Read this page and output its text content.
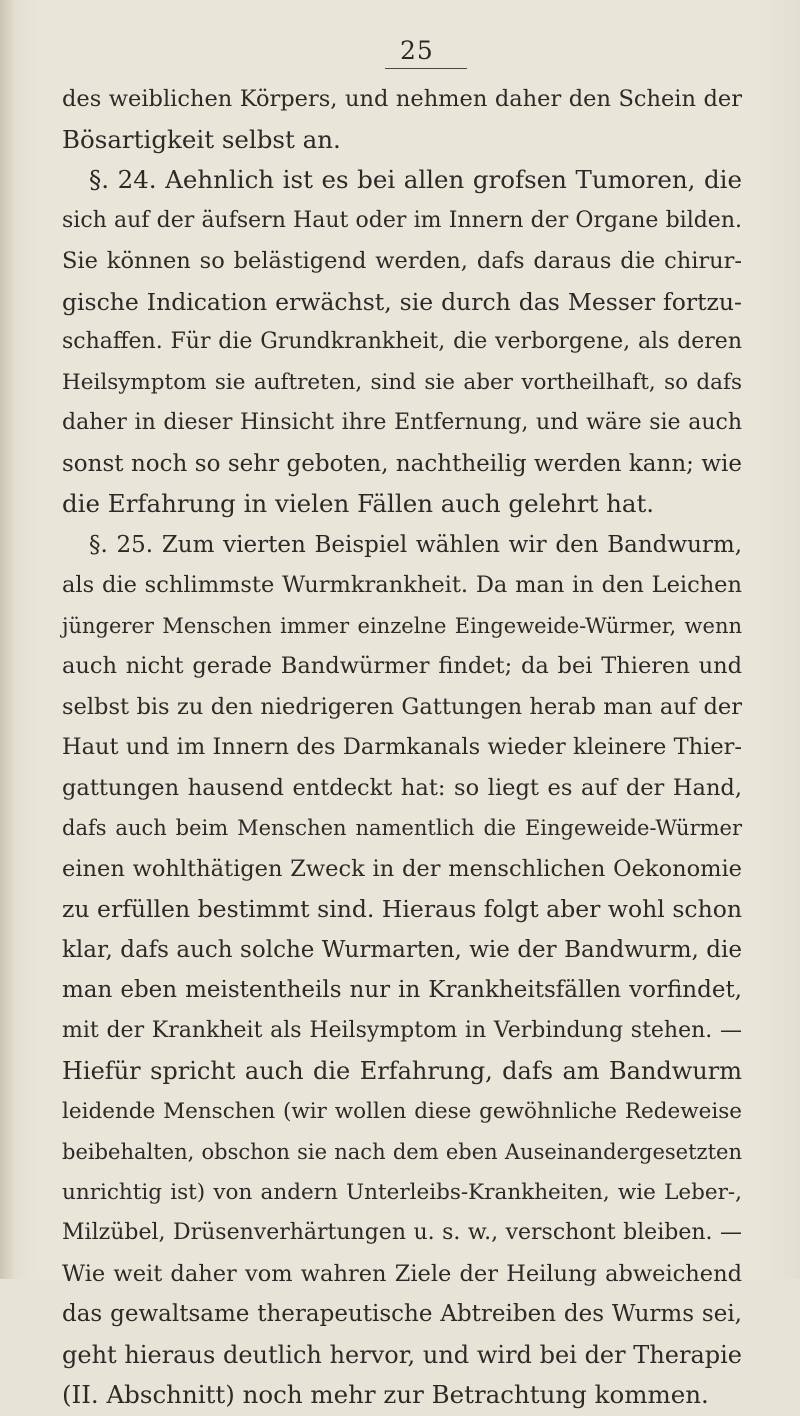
25
des weiblichen Körpers, und nehmen daher den Schein der
Bösartigkeit selbst an.
§. 24. Aehnlich ist es bei allen grofsen Tumoren, die
sich auf der äufsern Haut oder im Innern der Organe bilden.
Sie können so belästigend werden, dafs daraus die chirur-
gische Indication erwächst, sie durch das Messer fortzu-
schaffen. Für die Grundkrankheit, die verborgene, als deren
Heilsymptom sie auftreten, sind sie aber vortheilhaft, so dafs
daher in dieser Hinsicht ihre Entfernung, und wäre sie auch
sonst noch so sehr geboten, nachtheilig werden kann; wie
die Erfahrung in vielen Fällen auch gelehrt hat.
§. 25. Zum vierten Beispiel wählen wir den Bandwurm,
als die schlimmste Wurmkrankheit. Da man in den Leichen
jüngerer Menschen immer einzelne Eingeweide-Würmer, wenn
auch nicht gerade Bandwürmer findet; da bei Thieren und
selbst bis zu den niedrigeren Gattungen herab man auf der
Haut und im Innern des Darmkanals wieder kleinere Thier-
gattungen hausend entdeckt hat: so liegt es auf der Hand,
dafs auch beim Menschen namentlich die Eingeweide-Würmer
einen wohlthätigen Zweck in der menschlichen Oekonomie
zu erfüllen bestimmt sind. Hieraus folgt aber wohl schon
klar, dafs auch solche Wurmarten, wie der Bandwurm, die
man eben meistentheils nur in Krankheitsfällen vorfindet,
mit der Krankheit als Heilsymptom in Verbindung stehen. —
Hiefür spricht auch die Erfahrung, dafs am Bandwurm
leidende Menschen (wir wollen diese gewöhnliche Redeweise
beibehalten, obschon sie nach dem eben Auseinandergesetzten
unrichtig ist) von andern Unterleibs-Krankheiten, wie Leber-,
Milzübel, Drüsenverhärtungen u. s. w., verschont bleiben. —
Wie weit daher vom wahren Ziele der Heilung abweichend
das gewaltsame therapeutische Abtreiben des Wurms sei,
geht hieraus deutlich hervor, und wird bei der Therapie
(II. Abschnitt) noch mehr zur Betrachtung kommen.
